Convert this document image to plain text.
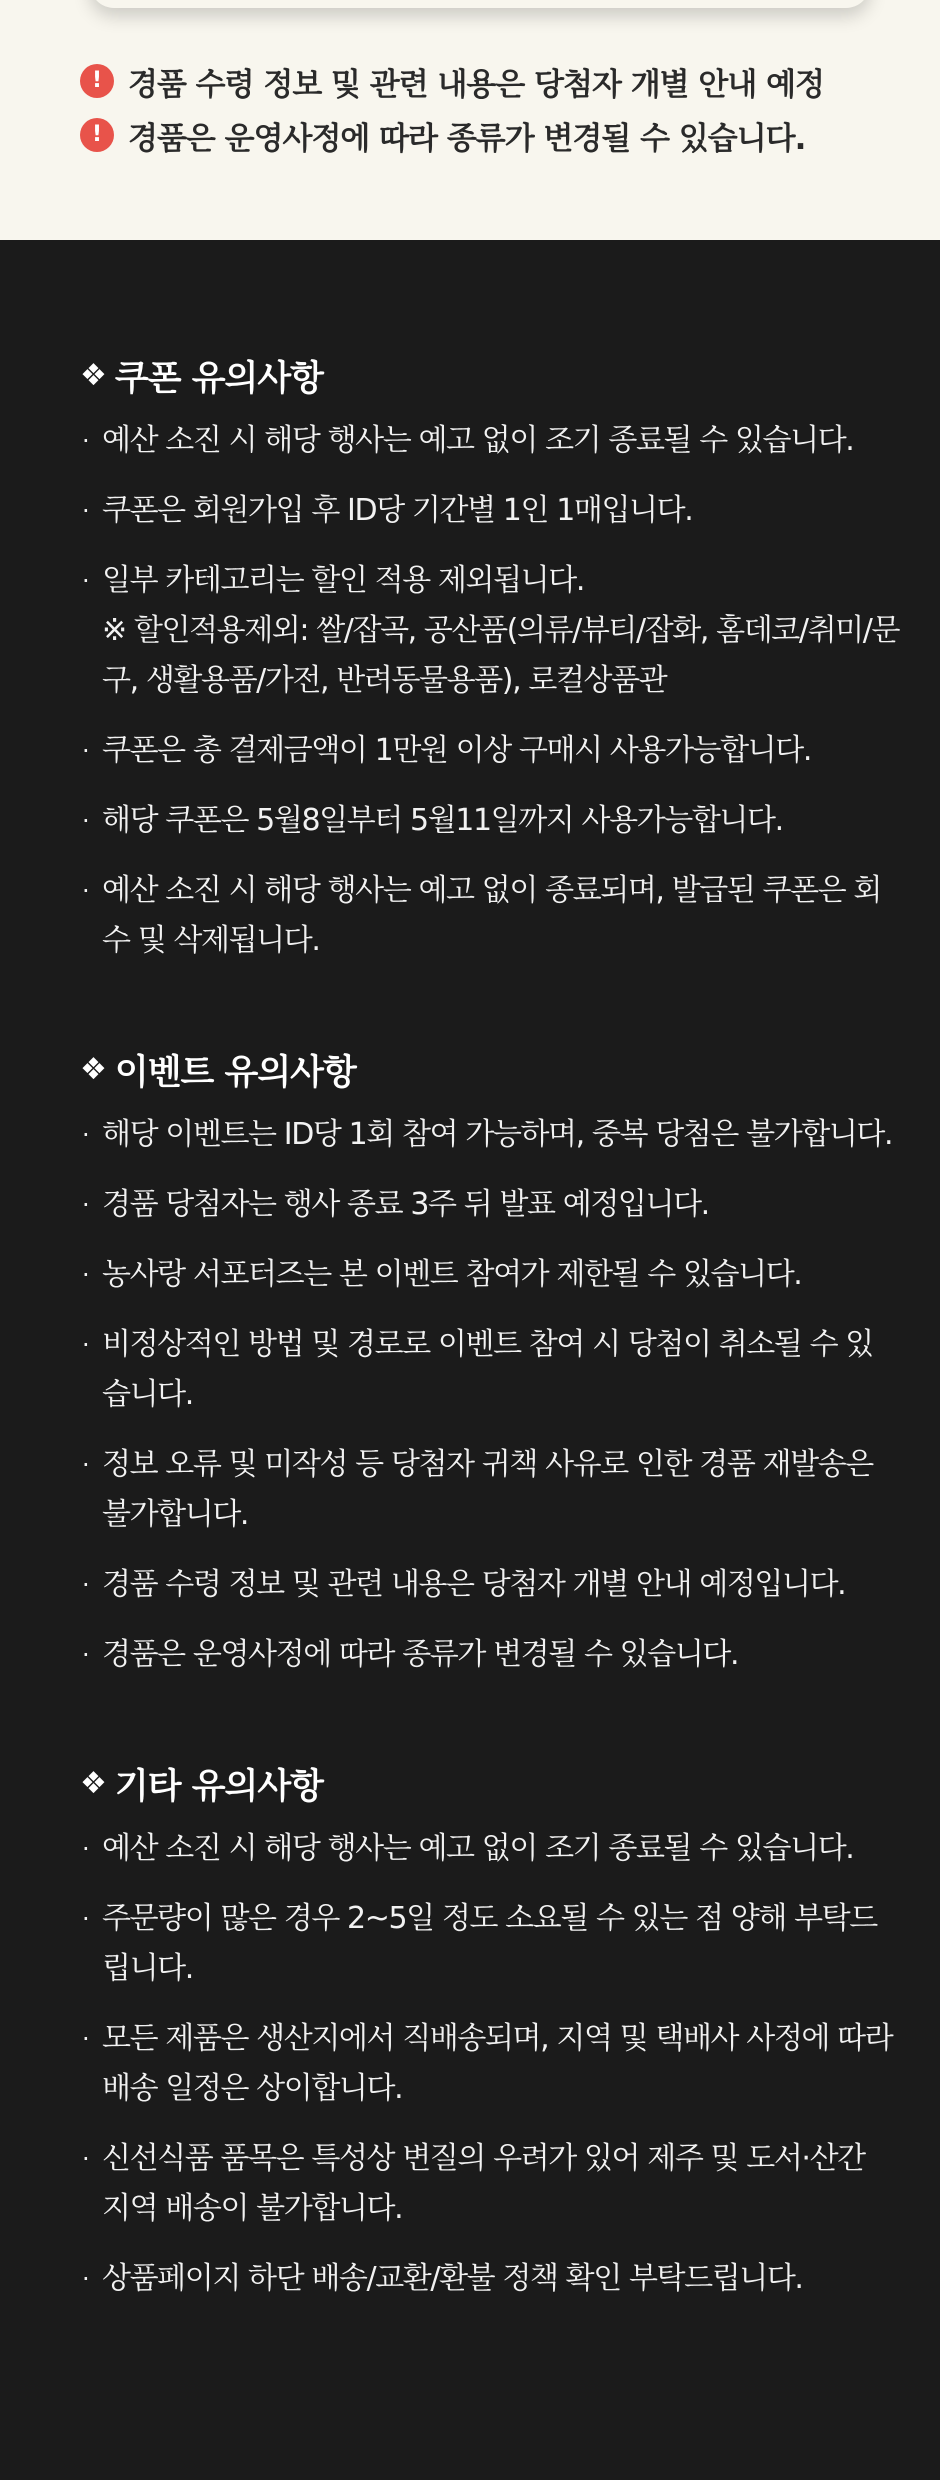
! 경품 수령 정보 및 관련 내용은 당첨자 개별 안내 예정
! 경품은 운영사정에 따라 종류가 변경될 수 있습니다.
❖ 쿠폰 유의사항
· 예산 소진 시 해당 행사는 예고 없이 조기 종료될 수 있습니다.
· 쿠폰은 회원가입 후 ID당 기간별 1인 1매입니다.
· 일부 카테고리는 할인 적용 제외됩니다.
※ 할인적용제외: 쌀/잡곡, 공산품(의류/뷰티/잡화, 홈데코/취미/문구, 생활용품/가전, 반려동물용품), 로컬상품관
· 쿠폰은 총 결제금액이 1만원 이상 구매시 사용가능합니다.
· 해당 쿠폰은 5월8일부터 5월11일까지 사용가능합니다.
· 예산 소진 시 해당 행사는 예고 없이 종료되며, 발급된 쿠폰은 회수 및 삭제됩니다.
❖ 이벤트 유의사항
· 해당 이벤트는 ID당 1회 참여 가능하며, 중복 당첨은 불가합니다.
· 경품 당첨자는 행사 종료 3주 뒤 발표 예정입니다.
· 농사랑 서포터즈는 본 이벤트 참여가 제한될 수 있습니다.
· 비정상적인 방법 및 경로로 이벤트 참여 시 당첨이 취소될 수 있습니다.
· 정보 오류 및 미작성 등 당첨자 귀책 사유로 인한 경품 재발송은 불가합니다.
· 경품 수령 정보 및 관련 내용은 당첨자 개별 안내 예정입니다.
· 경품은 운영사정에 따라 종류가 변경될 수 있습니다.
❖ 기타 유의사항
· 예산 소진 시 해당 행사는 예고 없이 조기 종료될 수 있습니다.
· 주문량이 많은 경우 2~5일 정도 소요될 수 있는 점 양해 부탁드립니다.
· 모든 제품은 생산지에서 직배송되며, 지역 및 택배사 사정에 따라 배송 일정은 상이합니다.
· 신선식품 품목은 특성상 변질의 우려가 있어 제주 및 도서·산간 지역 배송이 불가합니다.
· 상품페이지 하단 배송/교환/환불 정책 확인 부탁드립니다.
